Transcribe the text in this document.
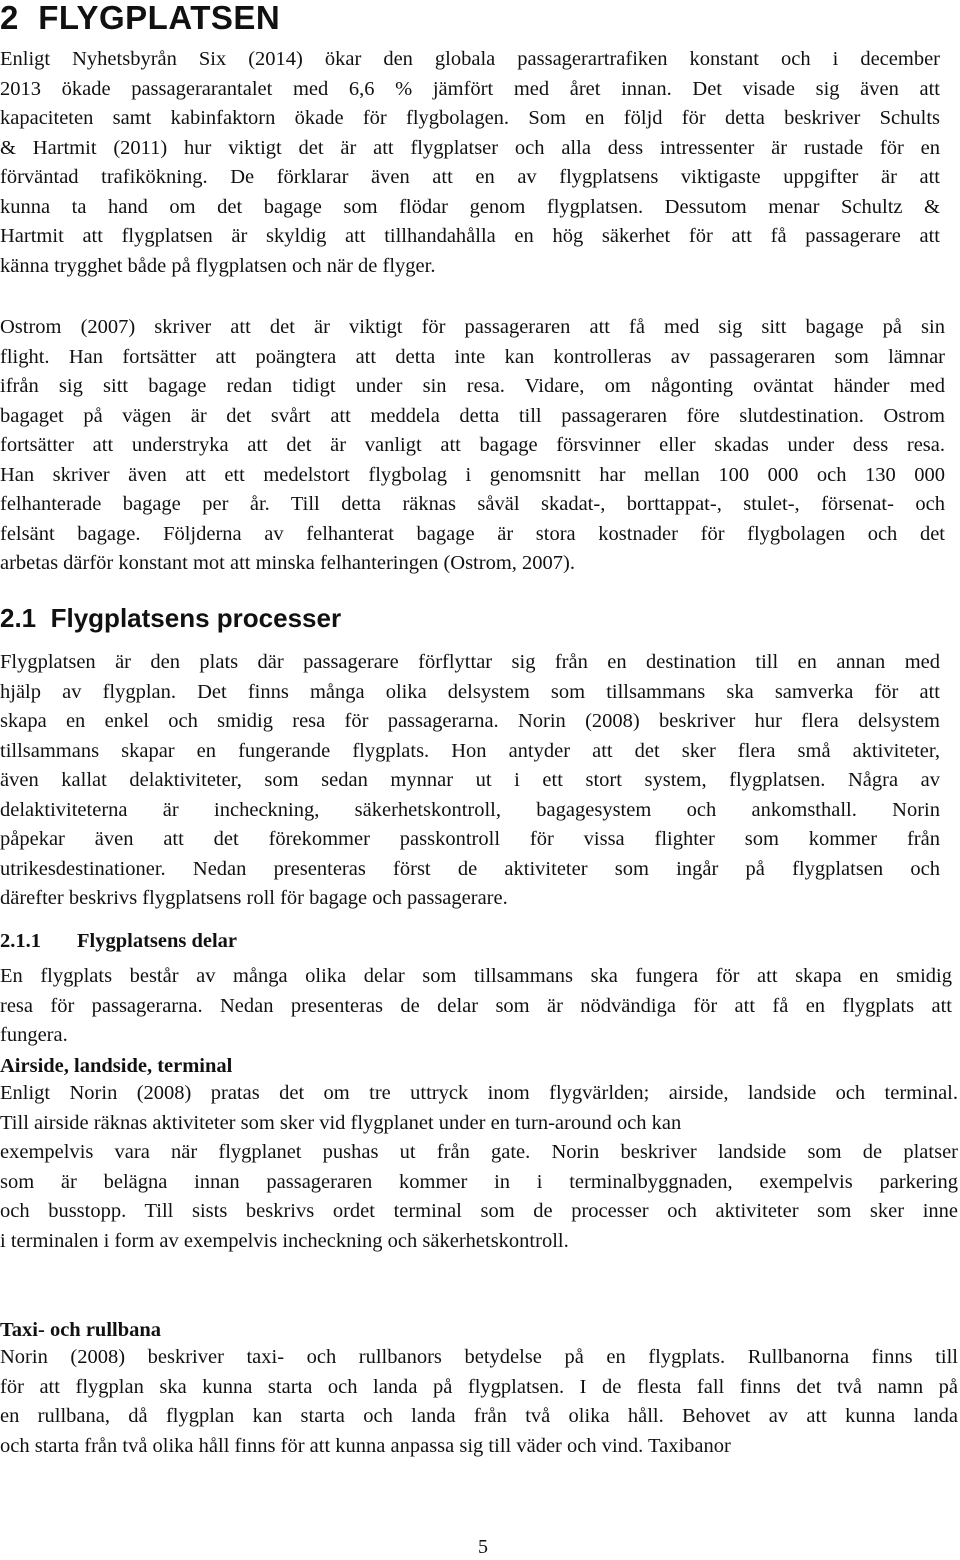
2 FLYGPLATSEN
Enligt Nyhetsbyrån Six (2014) ökar den globala passagerartrafiken konstant och i december
2013 ökade passagerarantalet med 6,6 % jämfört med året innan. Det visade sig även att
kapaciteten samt kabinfaktorn ökade för flygbolagen. Som en följd för detta beskriver Schults
& Hartmit (2011) hur viktigt det är att flygplatser och alla dess intressenter är rustade för en
förväntad trafikökning. De förklarar även att en av flygplatsens viktigaste uppgifter är att
kunna ta hand om det bagage som flödar genom flygplatsen. Dessutom menar Schultz &
Hartmit att flygplatsen är skyldig att tillhandahålla en hög säkerhet för att få passagerare att
känna trygghet både på flygplatsen och när de flyger.
Ostrom (2007) skriver att det är viktigt för passageraren att få med sig sitt bagage på sin
flight. Han fortsätter att poängtera att detta inte kan kontrolleras av passageraren som lämnar
ifrån sig sitt bagage redan tidigt under sin resa. Vidare, om någonting oväntat händer med
bagaget på vägen är det svårt att meddela detta till passageraren före slutdestination. Ostrom
fortsätter att understryka att det är vanligt att bagage försvinner eller skadas under dess resa.
Han skriver även att ett medelstort flygbolag i genomsnitt har mellan 100 000 och 130 000
felhanterade bagage per år. Till detta räknas såväl skadat-, borttappat-, stulet-, försenat- och
felsänt bagage. Följderna av felhanterat bagage är stora kostnader för flygbolagen och det
arbetas därför konstant mot att minska felhanteringen (Ostrom, 2007).
2.1 Flygplatsens processer
Flygplatsen är den plats där passagerare förflyttar sig från en destination till en annan med
hjälp av flygplan. Det finns många olika delsystem som tillsammans ska samverka för att
skapa en enkel och smidig resa för passagerarna. Norin (2008) beskriver hur flera delsystem
tillsammans skapar en fungerande flygplats. Hon antyder att det sker flera små aktiviteter,
även kallat delaktiviteter, som sedan mynnar ut i ett stort system, flygplatsen. Några av
delaktiviteterna är incheckning, säkerhetskontroll, bagagesystem och ankomsthall. Norin
påpekar även att det förekommer passkontroll för vissa flighter som kommer från
utrikesdestinationer. Nedan presenteras först de aktiviteter som ingår på flygplatsen och
därefter beskrivs flygplatsens roll för bagage och passagerare.
2.1.1 Flygplatsens delar
En flygplats består av många olika delar som tillsammans ska fungera för att skapa en smidig
resa för passagerarna. Nedan presenteras de delar som är nödvändiga för att få en flygplats att
fungera.
Airside, landside, terminal
Enligt Norin (2008) pratas det om tre uttryck inom flygvärlden; airside, landside och terminal.
Till airside räknas aktiviteter som sker vid flygplanet under en turn-around och kan
exempelvis vara när flygplanet pushas ut från gate. Norin beskriver landside som de platser
som är belägna innan passageraren kommer in i terminalbyggnaden, exempelvis parkering
och busstopp. Till sists beskrivs ordet terminal som de processer och aktiviteter som sker inne
i terminalen i form av exempelvis incheckning och säkerhetskontroll.
Taxi- och rullbana
Norin (2008) beskriver taxi- och rullbanors betydelse på en flygplats. Rullbanorna finns till
för att flygplan ska kunna starta och landa på flygplatsen. I de flesta fall finns det två namn på
en rullbana, då flygplan kan starta och landa från två olika håll. Behovet av att kunna landa
och starta från två olika håll finns för att kunna anpassa sig till väder och vind. Taxibanor
5
